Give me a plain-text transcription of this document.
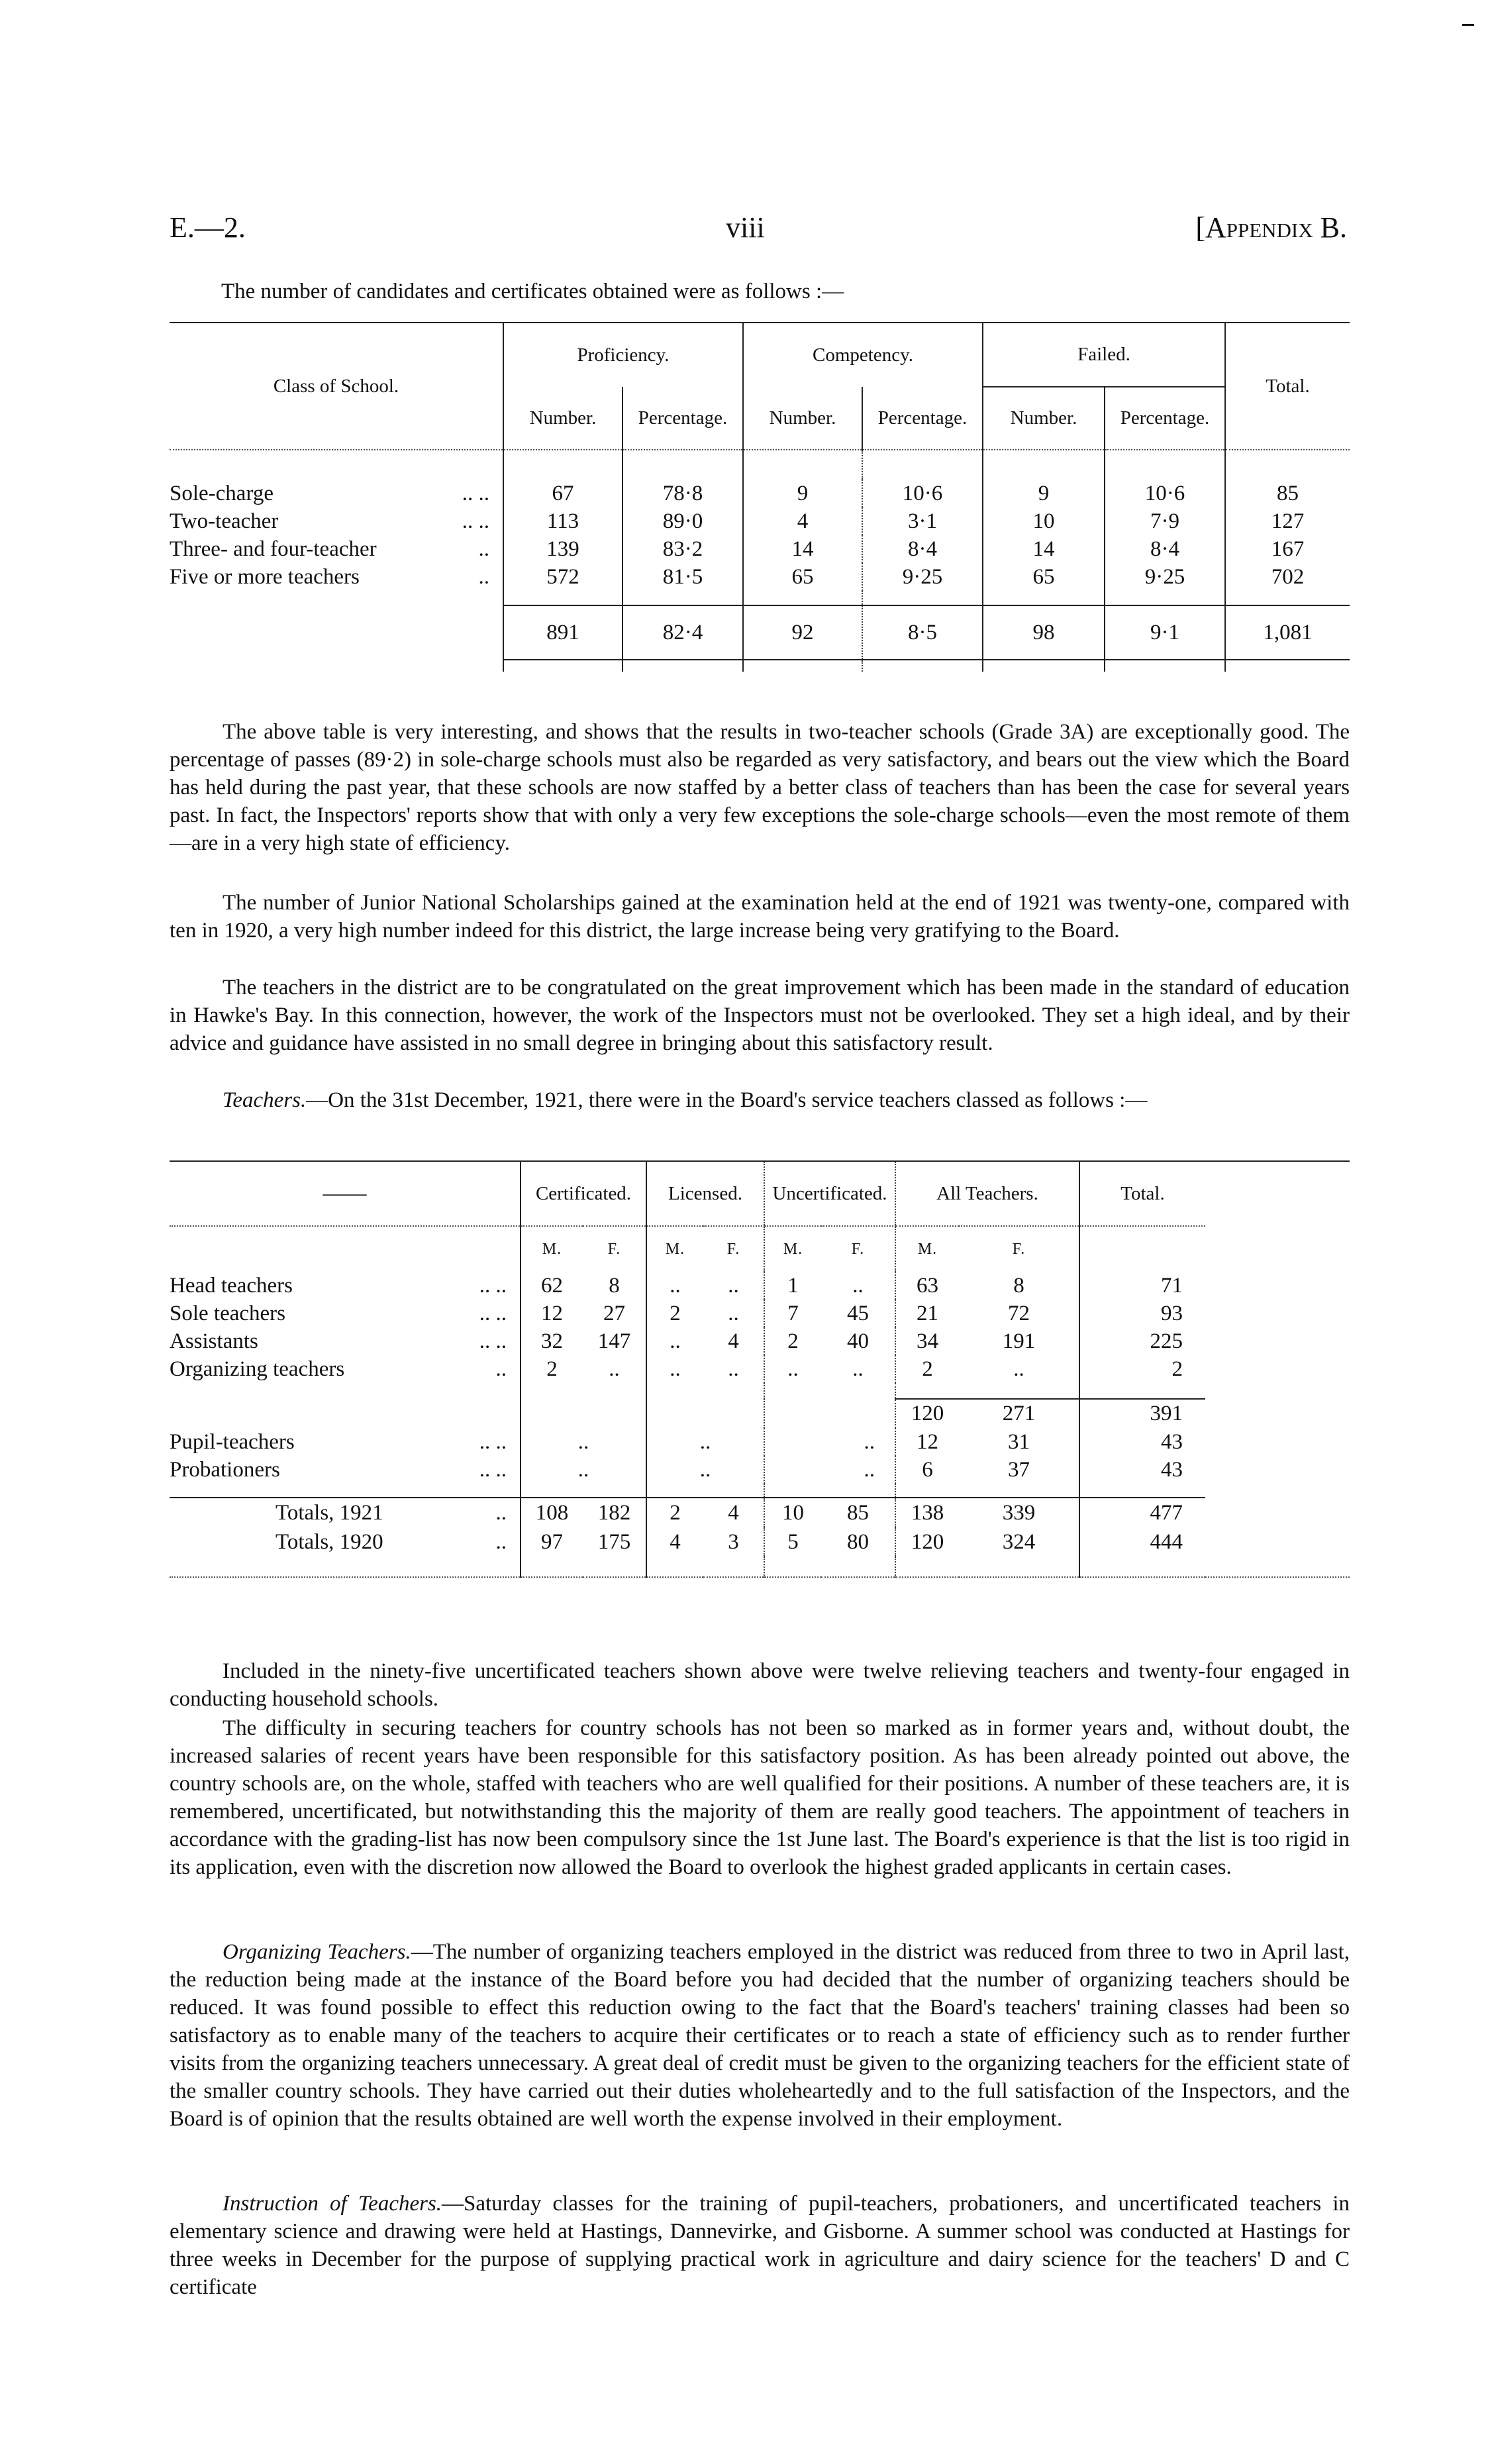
E.—2.	viii	[Appendix B.
The number of candidates and certificates obtained were as follows :—
Class of School.	Proficiency.		Competency.		Failed.		Total.
	Number.	Percentage.	Number.	Percentage.	Number.	Percentage.	

Sole-charge .. ..	67	78·8	9	10·6	9	10·6	85
Two-teacher .. ..	113	89·0	4	3·1	10	7·9	127
Three- and four-teacher ..	139	83·2	14	8·4	14	8·4	167
Five or more teachers ..	572	81·5	65	9·25	65	9·25	702

	891	82·4	92	8·5	98	9·1	1,081

The above table is very interesting, and shows that the results in two-teacher schools (Grade 3A) are exceptionally good. The percentage of passes (89·2) in sole-charge schools must also be regarded as very satisfactory, and bears out the view which the Board has held during the past year, that these schools are now staffed by a better class of teachers than has been the case for several years past. In fact, the Inspectors' reports show that with only a very few exceptions the sole-charge schools—even the most remote of them—are in a very high state of efficiency.
The number of Junior National Scholarships gained at the examination held at the end of 1921 was twenty-one, compared with ten in 1920, a very high number indeed for this district, the large increase being very gratifying to the Board.
The teachers in the district are to be congratulated on the great improvement which has been made in the standard of education in Hawke's Bay. In this connection, however, the work of the Inspectors must not be overlooked. They set a high ideal, and by their advice and guidance have assisted in no small degree in bringing about this satisfactory result.
Teachers.—On the 31st December, 1921, there were in the Board's service teachers classed as follows :—
——	Certificated.		Licensed.		Uncertificated.		All Teachers.		Total.
	M.	F.	M.	F.	M.	F.	M.	F.	
Head teachers .. ..	62	8	..	..	1	..	63	8	71
Sole teachers .. ..	12	27	2	..	7	45	21	72	93
Assistants .. ..	32	147	..	4	2	40	34	191	225
Organizing teachers ..	2	..	..	..	..	..	2	..	2

							120	271	391
Pupil-teachers .. ..	..		..		..		12	31	43
Probationers .. ..	..		..		..		6	37	43

Totals, 1921 ..	108	182	2	4	10	85	138	339	477
Totals, 1920 ..	97	175	4	3	5	80	120	324	444

Included in the ninety-five uncertificated teachers shown above were twelve relieving teachers and twenty-four engaged in conducting household schools.
The difficulty in securing teachers for country schools has not been so marked as in former years and, without doubt, the increased salaries of recent years have been responsible for this satisfactory position. As has been already pointed out above, the country schools are, on the whole, staffed with teachers who are well qualified for their positions. A number of these teachers are, it is remembered, uncertificated, but notwithstanding this the majority of them are really good teachers. The appointment of teachers in accordance with the grading-list has now been compulsory since the 1st June last. The Board's experience is that the list is too rigid in its application, even with the discretion now allowed the Board to overlook the highest graded applicants in certain cases.
Organizing Teachers.—The number of organizing teachers employed in the district was reduced from three to two in April last, the reduction being made at the instance of the Board before you had decided that the number of organizing teachers should be reduced. It was found possible to effect this reduction owing to the fact that the Board's teachers' training classes had been so satisfactory as to enable many of the teachers to acquire their certificates or to reach a state of efficiency such as to render further visits from the organizing teachers unnecessary. A great deal of credit must be given to the organizing teachers for the efficient state of the smaller country schools. They have carried out their duties wholeheartedly and to the full satisfaction of the Inspectors, and the Board is of opinion that the results obtained are well worth the expense involved in their employment.
Instruction of Teachers.—Saturday classes for the training of pupil-teachers, probationers, and uncertificated teachers in elementary science and drawing were held at Hastings, Dannevirke, and Gisborne. A summer school was conducted at Hastings for three weeks in December for the purpose of supplying practical work in agriculture and dairy science for the teachers' D and C certificate
